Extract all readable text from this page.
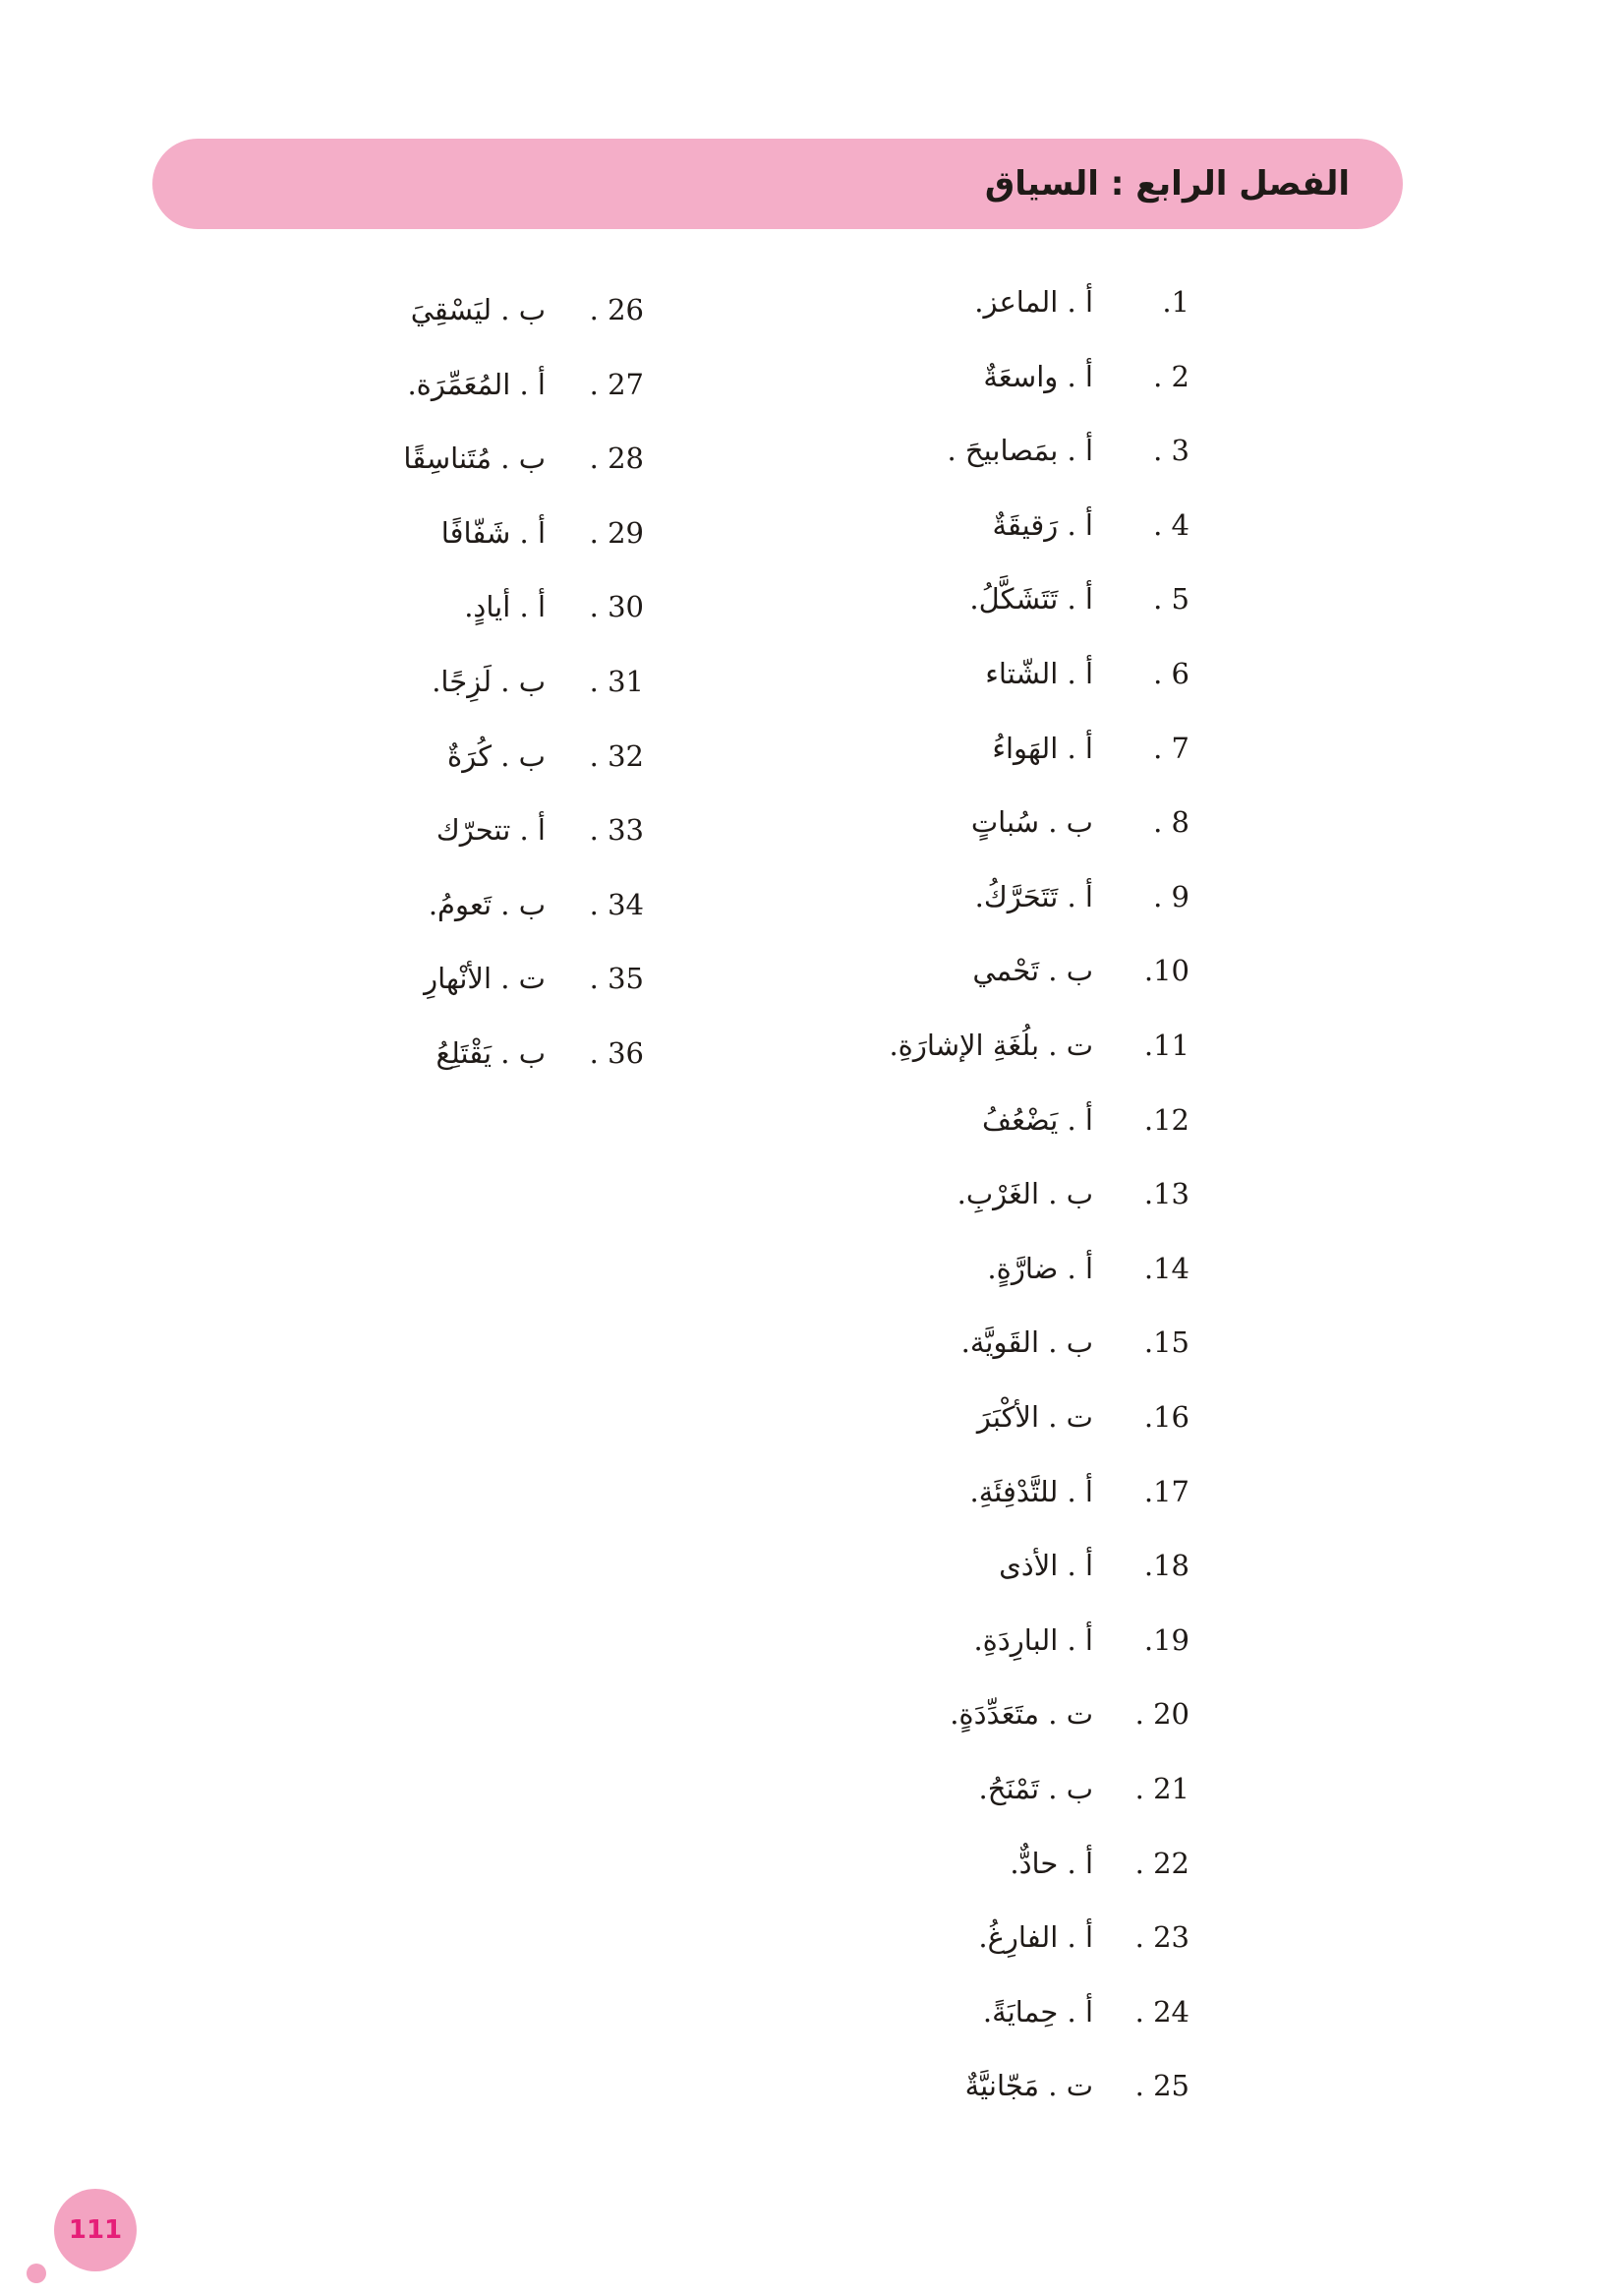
الفصل الرابع : السياق
.1
أ . الماعز.
. 2
أ . واسعَةٌ
. 3
أ . بمَصابيحَ .
. 4
أ . رَقيقَةٌ
. 5
أ . تَتَشَكَّلُ.
. 6
أ . الشّتاء
. 7
أ . الهَواءُ
. 8
ب . سُباتٍ
. 9
أ . تَتَحَرَّكُ.
.10
ب . تَحْمي
.11
ت . بلُغَةِ الإشارَةِ.
.12
أ . يَضْعُفُ
.13
ب . الغَرْبِ.
.14
أ . ضارَّةٍ.
.15
ب . القَويَّة.
.16
ت . الأكْبَرَ
.17
أ . للتَّدْفِئَةِ.
.18
أ . الأذى
.19
أ . البارِدَةِ.
. 20
ت . متَعَدِّدَةٍ.
. 21
ب . تَمْنَحُ.
. 22
أ . حادٌّ.
. 23
أ . الفارِغُ.
. 24
أ . حِمايَةً.
. 25
ت . مَجّانيَّةٌ
. 26
ب . ليَسْقِيَ
. 27
أ . المُعَمِّرَة.
. 28
ب . مُتَناسِقًا
. 29
أ . شَفّافًا
. 30
أ . أيادٍ.
. 31
ب . لَزِجًا.
. 32
ب . كُرَةٌ
. 33
أ . تتحرّك
. 34
ب . تَعومُ.
. 35
ت . الأنْهارِ
. 36
ب . يَقْتَلِعُ
111
